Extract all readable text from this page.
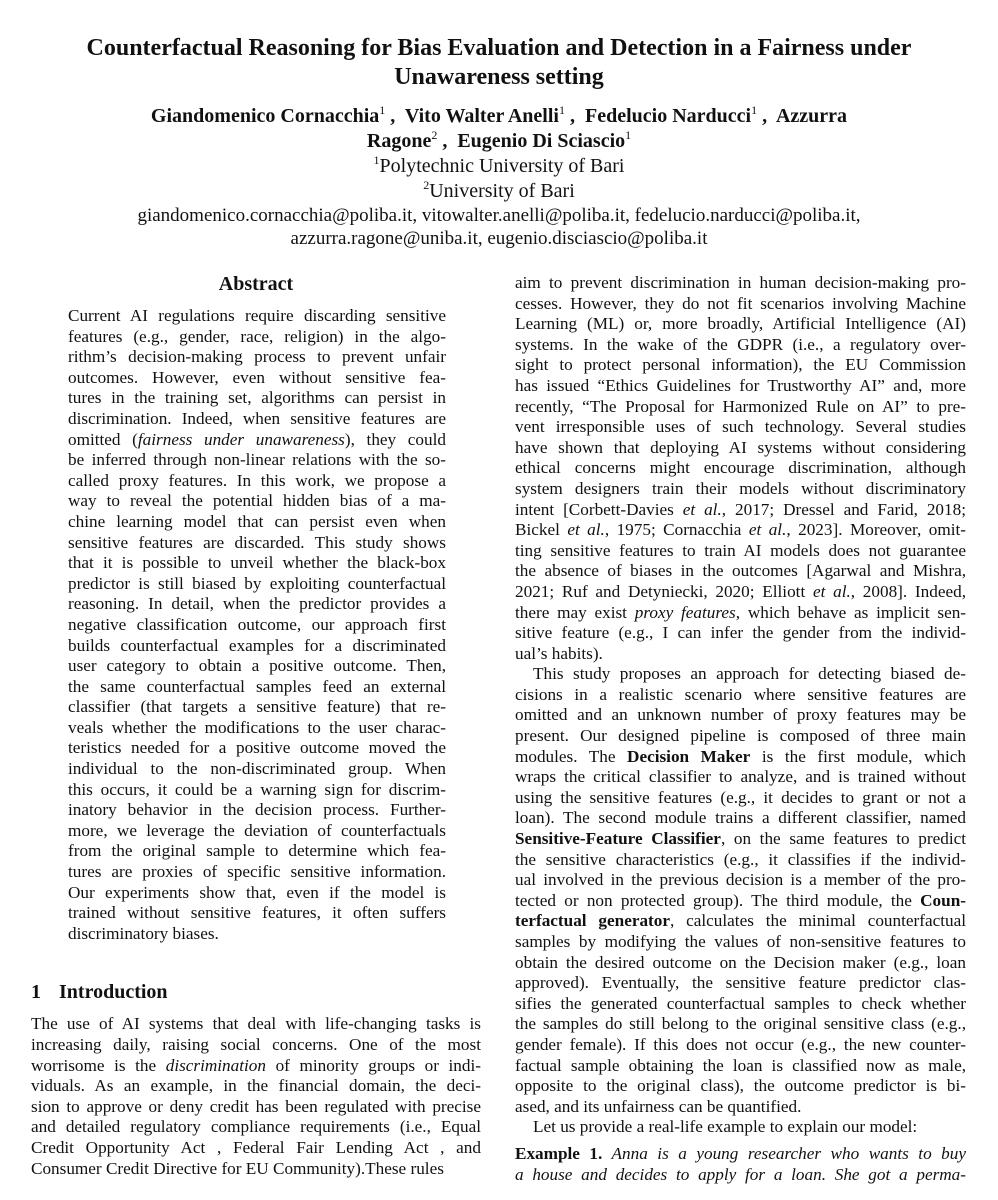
Counterfactual Reasoning for Bias Evaluation and Detection in a Fairness under Unawareness setting
Giandomenico Cornacchia$^1$ ,  Vito Walter Anelli$^1$ ,  Fedelucio Narducci$^1$ ,  Azzurra
Ragone$^2$ ,  Eugenio Di Sciascio$^1$
$^1$Polytechnic University of Bari
$^2$University of Bari
giandomenico.cornacchia@poliba.it, vitowalter.anelli@poliba.it, fedelucio.narducci@poliba.it,
azzurra.ragone@uniba.it, eugenio.disciascio@poliba.it
Abstract
Current AI regulations require discarding sensitive
features (e.g., gender, race, religion) in the algo-
rithm’s decision-making process to prevent unfair
outcomes. However, even without sensitive fea-
tures in the training set, algorithms can persist in
discrimination. Indeed, when sensitive features are
omitted (fairness under unawareness), they could
be inferred through non-linear relations with the so-
called proxy features. In this work, we propose a
way to reveal the potential hidden bias of a ma-
chine learning model that can persist even when
sensitive features are discarded. This study shows
that it is possible to unveil whether the black-box
predictor is still biased by exploiting counterfactual
reasoning. In detail, when the predictor provides a
negative classification outcome, our approach first
builds counterfactual examples for a discriminated
user category to obtain a positive outcome. Then,
the same counterfactual samples feed an external
classifier (that targets a sensitive feature) that re-
veals whether the modifications to the user charac-
teristics needed for a positive outcome moved the
individual to the non-discriminated group. When
this occurs, it could be a warning sign for discrim-
inatory behavior in the decision process. Further-
more, we leverage the deviation of counterfactuals
from the original sample to determine which fea-
tures are proxies of specific sensitive information.
Our experiments show that, even if the model is
trained without sensitive features, it often suffers
discriminatory biases.
1 Introduction
The use of AI systems that deal with life-changing tasks is
increasing daily, raising social concerns. One of the most
worrisome is the discrimination of minority groups or indi-
viduals. As an example, in the financial domain, the deci-
sion to approve or deny credit has been regulated with precise
and detailed regulatory compliance requirements (i.e., Equal
Credit Opportunity Act , Federal Fair Lending Act , and
Consumer Credit Directive for EU Community).These rules
aim to prevent discrimination in human decision-making pro-
cesses. However, they do not fit scenarios involving Machine
Learning (ML) or, more broadly, Artificial Intelligence (AI)
systems. In the wake of the GDPR (i.e., a regulatory over-
sight to protect personal information), the EU Commission
has issued “Ethics Guidelines for Trustworthy AI” and, more
recently, “The Proposal for Harmonized Rule on AI” to pre-
vent irresponsible uses of such technology. Several studies
have shown that deploying AI systems without considering
ethical concerns might encourage discrimination, although
system designers train their models without discriminatory
intent [Corbett-Davies et al., 2017; Dressel and Farid, 2018;
Bickel et al., 1975; Cornacchia et al., 2023]. Moreover, omit-
ting sensitive features to train AI models does not guarantee
the absence of biases in the outcomes [Agarwal and Mishra,
2021; Ruf and Detyniecki, 2020; Elliott et al., 2008]. Indeed,
there may exist proxy features, which behave as implicit sen-
sitive feature (e.g., I can infer the gender from the individ-
ual’s habits).
This study proposes an approach for detecting biased de-
cisions in a realistic scenario where sensitive features are
omitted and an unknown number of proxy features may be
present. Our designed pipeline is composed of three main
modules. The Decision Maker is the first module, which
wraps the critical classifier to analyze, and is trained without
using the sensitive features (e.g., it decides to grant or not a
loan). The second module trains a different classifier, named
Sensitive-Feature Classifier, on the same features to predict
the sensitive characteristics (e.g., it classifies if the individ-
ual involved in the previous decision is a member of the pro-
tected or non protected group). The third module, the Coun-
terfactual generator, calculates the minimal counterfactual
samples by modifying the values of non-sensitive features to
obtain the desired outcome on the Decision maker (e.g., loan
approved). Eventually, the sensitive feature predictor clas-
sifies the generated counterfactual samples to check whether
the samples do still belong to the original sensitive class (e.g.,
gender female). If this does not occur (e.g., the new counter-
factual sample obtaining the loan is classified now as male,
opposite to the original class), the outcome predictor is bi-
ased, and its unfairness can be quantified.
Let us provide a real-life example to explain our model:
Example 1. Anna is a young researcher who wants to buy
a house and decides to apply for a loan. She got a perma-
